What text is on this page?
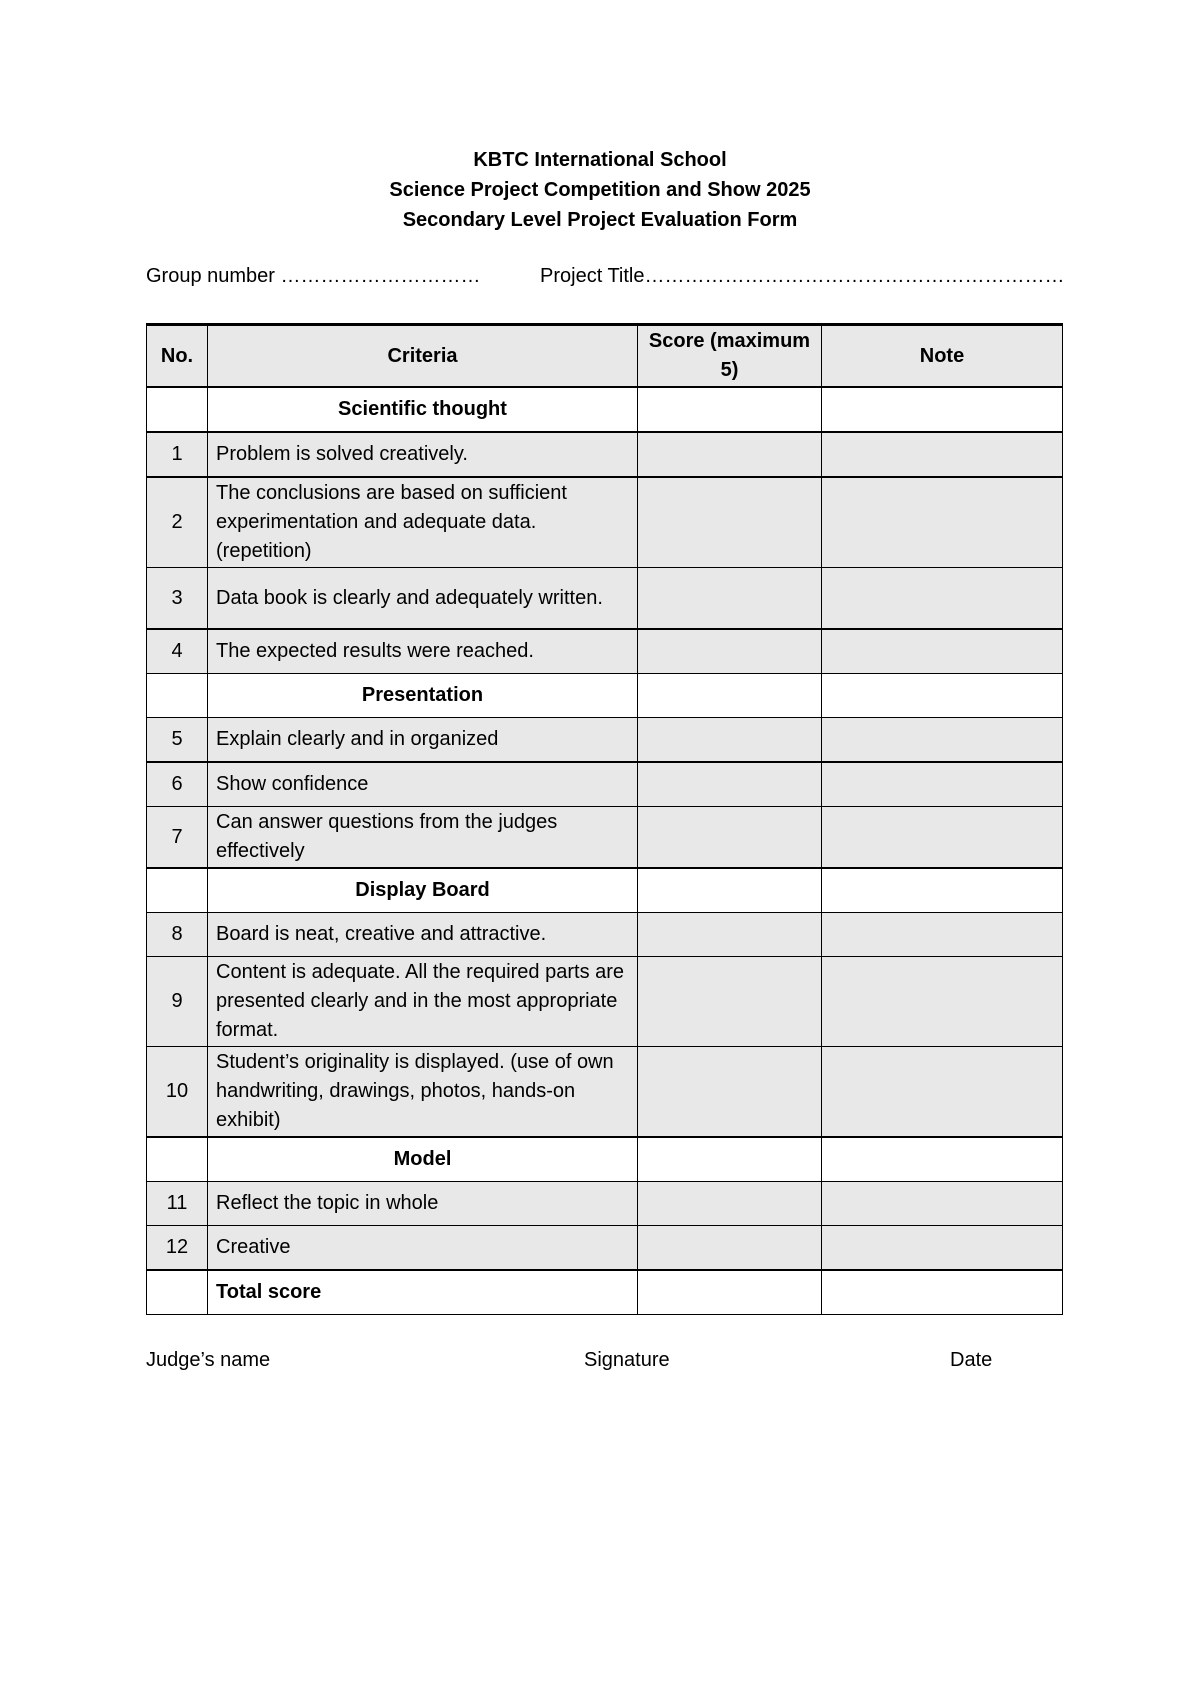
KBTC International School
Science Project Competition and Show 2025
Secondary Level Project Evaluation Form
Group number …………………………	Project Title………………………………………………………
No.	Criteria	Score (maximum 5)	Note
	Scientific thought		
1	Problem is solved creatively.		
2	The conclusions are based on sufficient experimentation and adequate data. (repetition)		
3	Data book is clearly and adequately written.		
4	The expected results were reached.		
	Presentation		
5	Explain clearly and in organized		
6	Show confidence		
7	Can answer questions from the judges effectively		
	Display Board		
8	Board is neat, creative and attractive.		
9	Content is adequate. All the required parts are presented clearly and in the most appropriate format.		
10	Student’s originality is displayed. (use of own handwriting, drawings, photos, hands-on exhibit)		
	Model		
11	Reflect the topic in whole		
12	Creative		
	Total score		
Judge’s name	Signature	Date
